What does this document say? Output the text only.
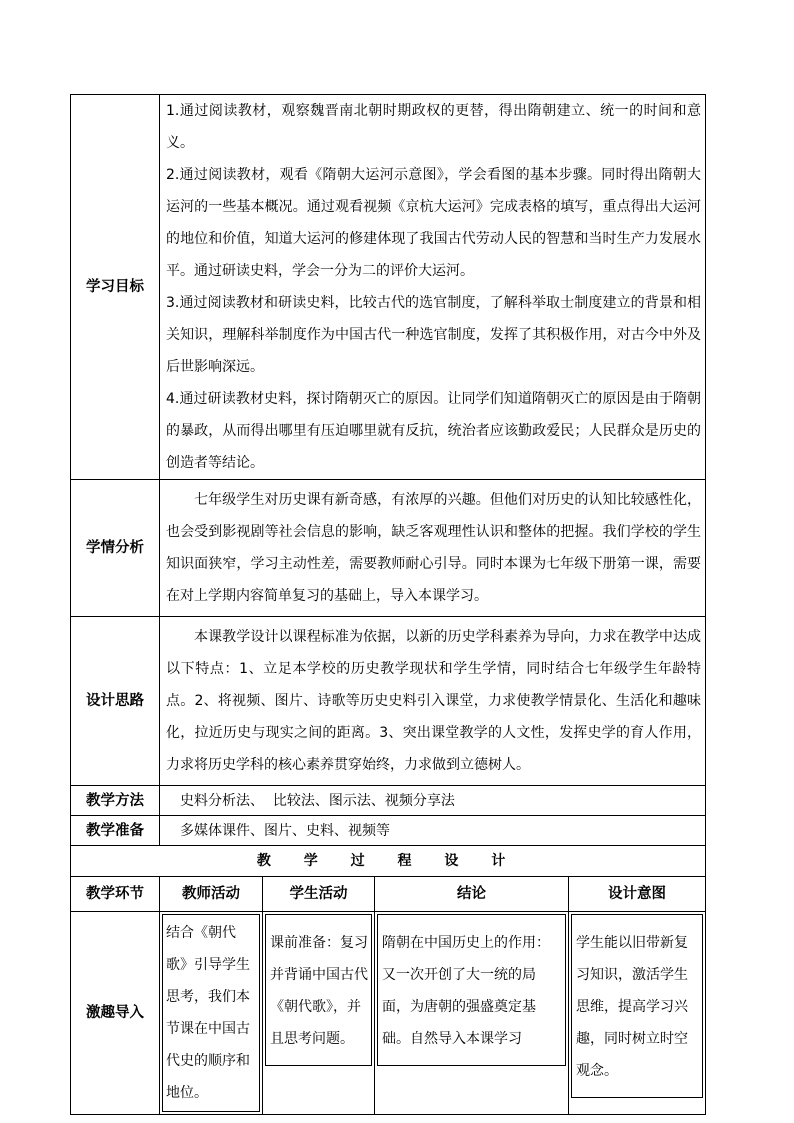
学习目标	1.通过阅读教材，观察魏晋南北朝时期政权的更替，得出隋朝建立、统一的时间和意义。
2.通过阅读教材，观看《隋朝大运河示意图》，学会看图的基本步骤。同时得出隋朝大运河的一些基本概况。通过观看视频《京杭大运河》完成表格的填写，重点得出大运河的地位和价值，知道大运河的修建体现了我国古代劳动人民的智慧和当时生产力发展水平。通过研读史料，学会一分为二的评价大运河。
3.通过阅读教材和研读史料，比较古代的选官制度，了解科举取士制度建立的背景和相关知识，理解科举制度作为中国古代一种选官制度，发挥了其积极作用，对古今中外及后世影响深远。
4.通过研读教材史料，探讨隋朝灭亡的原因。让同学们知道隋朝灭亡的原因是由于隋朝的暴政，从而得出哪里有压迫哪里就有反抗，统治者应该勤政爱民；人民群众是历史的创造者等结论。			

学情分析	七年级学生对历史课有新奇感，有浓厚的兴趣。但他们对历史的认知比较感性化，也会受到影视剧等社会信息的影响，缺乏客观理性认识和整体的把握。我们学校的学生知识面狭窄，学习主动性差，需要教师耐心引导。同时本课为七年级下册第一课，需要在对上学期内容简单复习的基础上，导入本课学习。			
设计思路	本课教学设计以课程标准为依据，以新的历史学科素养为导向，力求在教学中达成以下特点：1、立足本学校的历史教学现状和学生学情，同时结合七年级学生年龄特点。2、将视频、图片、诗歌等历史史料引入课堂，力求使教学情景化、生活化和趣味化，拉近历史与现实之间的距离。3、突出课堂教学的人文性，发挥史学的育人作用，力求将历史学科的核心素养贯穿始终，力求做到立德树人。			
教学方法	史料分析法、  比较法、图示法、视频分享法			
教学准备	多媒体课件、图片、史料、视频等			
教 学 过 程 设 计				
教学环节	教师活动	学生活动	结论	设计意图
激趣导入	结合《朝代歌》引导学生思考，我们本节课在中国古代史的顺序和地位。	课前准备：复习并背诵中国古代《朝代歌》，并且思考问题。	隋朝在中国历史上的作用：又一次开创了大一统的局面，为唐朝的强盛奠定基础。自然导入本课学习	学生能以旧带新复习知识，激活学生思维，提高学习兴趣，同时树立时空观念。
